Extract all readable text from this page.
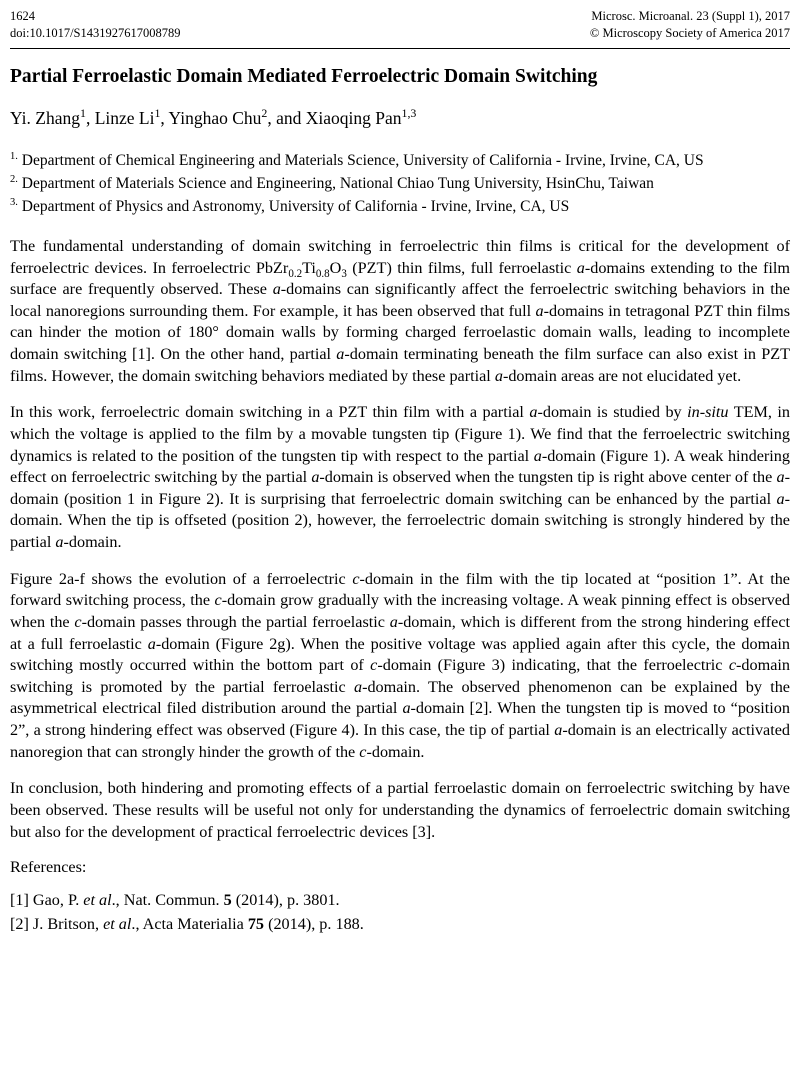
1624
doi:10.1017/S1431927617008789
Microsc. Microanal. 23 (Suppl 1), 2017
© Microscopy Society of America 2017
Partial Ferroelastic Domain Mediated Ferroelectric Domain Switching
Yi. Zhang$^1$, Linze Li$^1$, Yinghao Chu$^2$, and Xiaoqing Pan$^{1,3}$
$^{1.}$ Department of Chemical Engineering and Materials Science, University of California - Irvine, Irvine, CA, US
$^{2.}$ Department of Materials Science and Engineering, National Chiao Tung University, HsinChu, Taiwan
$^{3.}$ Department of Physics and Astronomy, University of California - Irvine, Irvine, CA, US

The fundamental understanding of domain switching in ferroelectric thin films is critical for the development of ferroelectric devices. In ferroelectric $PbZr_{0.2}Ti_{0.8}O_3$ (PZT) thin films, full ferroelastic a-domains extending to the film surface are frequently observed. These a-domains can significantly affect the ferroelectric switching behaviors in the local nanoregions surrounding them. For example, it has been observed that full a-domains in tetragonal PZT thin films can hinder the motion of 180° domain walls by forming charged ferroelastic domain walls, leading to incomplete domain switching [1]. On the other hand, partial a-domain terminating beneath the film surface can also exist in PZT films. However, the domain switching behaviors mediated by these partial a-domain areas are not elucidated yet.

In this work, ferroelectric domain switching in a PZT thin film with a partial a-domain is studied by in-situ TEM, in which the voltage is applied to the film by a movable tungsten tip (Figure 1). We find that the ferroelectric switching dynamics is related to the position of the tungsten tip with respect to the partial a-domain (Figure 1). A weak hindering effect on ferroelectric switching by the partial a-domain is observed when the tungsten tip is right above center of the a-domain (position 1 in Figure 2). It is surprising that ferroelectric domain switching can be enhanced by the partial a-domain. When the tip is offseted (position 2), however, the ferroelectric domain switching is strongly hindered by the partial a-domain.

Figure 2a-f shows the evolution of a ferroelectric c-domain in the film with the tip located at “position 1”. At the forward switching process, the c-domain grow gradually with the increasing voltage. A weak pinning effect is observed when the c-domain passes through the partial ferroelastic a-domain, which is different from the strong hindering effect at a full ferroelastic a-domain (Figure 2g). When the positive voltage was applied again after this cycle, the domain switching mostly occurred within the bottom part of c-domain (Figure 3) indicating, that the ferroelectric c-domain switching is promoted by the partial ferroelastic a-domain. The observed phenomenon can be explained by the asymmetrical electrical filed distribution around the partial a-domain [2]. When the tungsten tip is moved to “position 2”, a strong hindering effect was observed (Figure 4). In this case, the tip of partial a-domain is an electrically activated nanoregion that can strongly hinder the growth of the c-domain.

In conclusion, both hindering and promoting effects of a partial ferroelastic domain on ferroelectric switching by have been observed. These results will be useful not only for understanding the dynamics of ferroelectric domain switching but also for the development of practical ferroelectric devices [3].

References:
[1] Gao, P. et al., Nat. Commun. 5 (2014), p. 3801.
[2] J. Britson, et al., Acta Materialia 75 (2014), p. 188.
